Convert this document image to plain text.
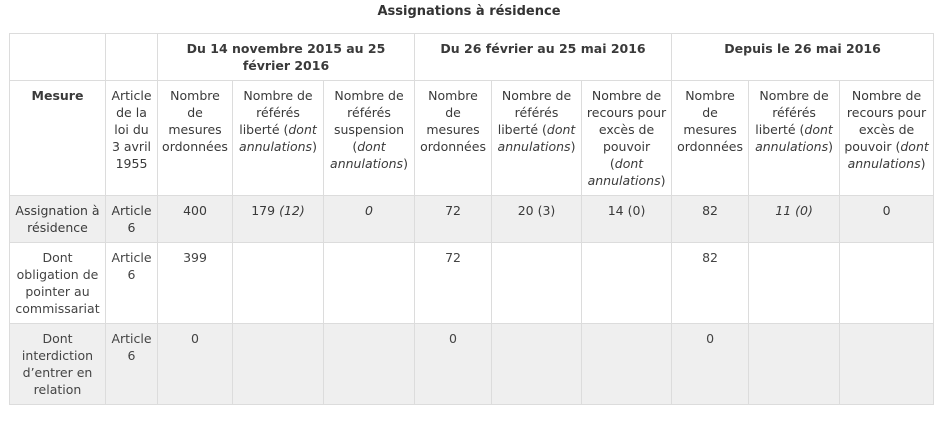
Assignations à résidence
		Du 14 novembre 2015 au 25 février 2016			Du 26 février au 25 mai 2016			Depuis le 26 mai 2016		
Mesure	Article de la loi du 3 avril 1955	Nombre de mesures ordonnées	Nombre de référés liberté (dont annulations)	Nombre de référés suspension (dont annulations)	Nombre de mesures ordonnées	Nombre de référés liberté (dont annulations)	Nombre de recours pour excès de pouvoir (dont annulations)	Nombre de mesures ordonnées	Nombre de référés liberté (dont annulations)	Nombre de recours pour excès de pouvoir (dont annulations)
Assignation à résidence	Article 6	400	179 (12)	0	72	20 (3)	14 (0)	82	11 (0)	0
Dont obligation de pointer au commissariat	Article 6	399			72			82		
Dont interdiction d’entrer en relation	Article 6	0			0			0		
